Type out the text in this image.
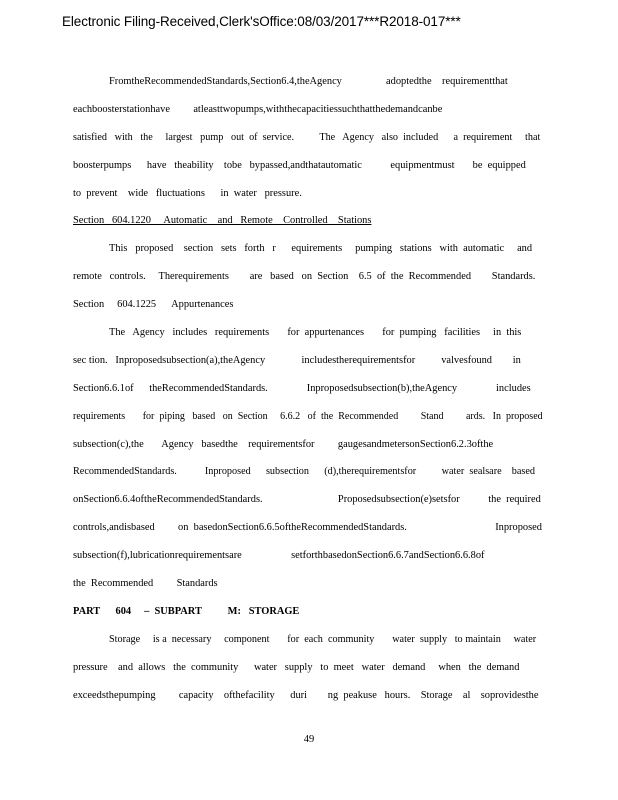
Electronic Filing-Received,Clerk'sOffice:08/03/2017***R2018-017***
FromtheRecommendedStandards,Section6.4,theAgency                 adoptedthe    requirementthat
eachboosterstationhave         atleasttwopumps,withthecapacitiessuchthatthedemandcanbe
satisfied   with   the     largest   pump   out  of  service.          The   Agency   also  included      a  requirement     that
boosterpumps      have   theability    tobe   bypassed,andthatautomatic           equipmentmust       be  equipped
to  prevent    wide   fluctuations      in  water   pressure.
Section   604.1220     Automatic    and   Remote    Controlled    Stations
This   proposed    section   sets   forth   r      equirements     pumping   stations   with  automatic     and
remote   controls.     Therequirements        are   based   on  Section    6.5  of  the  Recommended        Standards.
Section     604.1225      Appurtenances
The   Agency   includes   requirements       for  appurtenances       for  pumping   facilities     in  this
sec tion.   Inproposedsubsection(a),theAgency              includestherequirementsfor          valvesfound        in
Section6.6.1of      theRecommendedStandards.               Inproposedsubsection(b),theAgency               includes
requirements       for  piping   based   on  Section     6.6.2   of  the  Recommended         Stand         ards.   In  proposed
subsection(c),the       Agency   basedthe    requirementsfor         gaugesandmetersonSection6.2.3ofthe
RecommendedStandards.           Inproposed      subsection      (d),therequirementsfor          water  sealsare    based
onSection6.6.4oftheRecommendedStandards.                             Proposedsubsection(e)setsfor           the  required
controls,andisbased         on  basedonSection6.6.5oftheRecommendedStandards.                                  Inproposed
subsection(f),lubricationrequirementsare                   setforthbasedonSection6.6.7andSection6.6.8of
the  Recommended         Standards
PART      604     –  SUBPART          M:   STORAGE
Storage     is a  necessary     component       for  each  community       water  supply   to maintain     water
pressure    and  allows   the  community      water   supply   to  meet   water   demand     when   the  demand
exceedsthepumping         capacity    ofthefacility      duri        ng  peakuse   hours.    Storage    al    soprovidesthe
49
